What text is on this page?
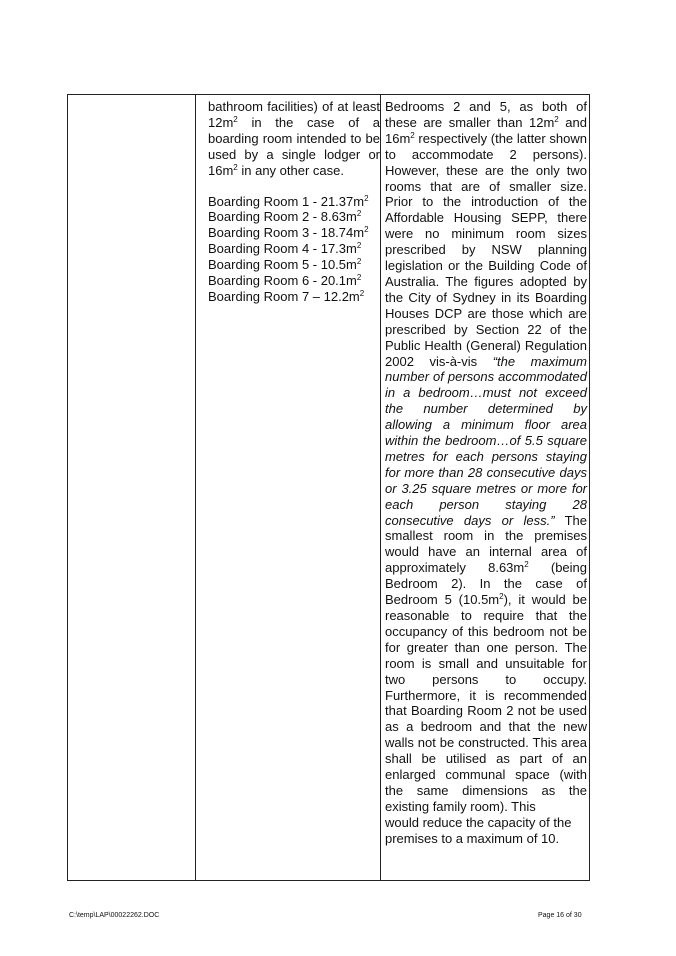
bathroom facilities) of at least $12m^2$ in the case of a boarding room intended to be used by a single lodger or $16m^2$ in any other case.

Boarding Room $1 - 21.37m^2$

Boarding Room $2 - 8.63m^2$

Boarding Room $3 - 18.74m^2$

Boarding Room $4 - 17.3m^2$

Boarding Room $5 - 10.5m^2$

Boarding Room $6 - 20.1m^2$

Boarding Room $7 - 12.2m^2$

Bedrooms 2 and 5, as both of these are smaller than $12m^2$ and $16m^2$ respectively (the latter shown to accommodate 2 persons). However, these are the only two rooms that are of smaller size. Prior to the introduction of the Affordable Housing SEPP, there were no minimum room sizes prescribed by NSW planning legislation or the Building Code of Australia. The figures adopted by the City of Sydney in its Boarding Houses DCP are those which are prescribed by Section 22 of the Public Health (General) Regulation 2002 vis-à-vis “the maximum number of persons accommodated in a bedroom…must not exceed the number determined by allowing a minimum floor area within the bedroom…of 5.5 square metres for each persons staying for more than 28 consecutive days or 3.25 square metres or more for each person staying 28 consecutive days or less.” The smallest room in the premises would have an internal area of approximately $8.63m^2$ (being Bedroom 2). In the case of Bedroom 5 $(10.5m^2)$, it would be reasonable to require that the occupancy of this bedroom not be for greater than one person. The room is small and unsuitable for two persons to occupy. Furthermore, it is recommended that Boarding Room 2 not be used as a bedroom and that the new walls not be constructed. This area shall be utilised as part of an enlarged communal space (with the same dimensions as the existing family room). This

would reduce the capacity of the premises to a maximum of 10.

C:\temp\LAP\00022262.DOC	Page 16 of 30
